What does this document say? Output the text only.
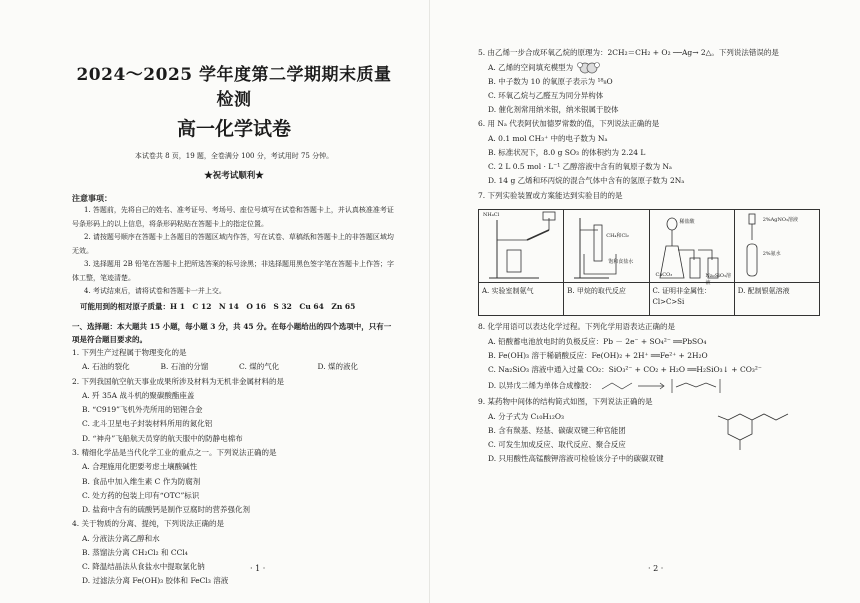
2024～2025 学年度第二学期期末质量检测
高一化学试卷
本试卷共 8 页，19 题，全卷满分 100 分，考试用时 75 分钟。
★祝考试顺利★
注意事项：
1. 答题前，先将自己的姓名、准考证号、考场号、座位号填写在试卷和答题卡上，并认真核准准考证号条形码上的以上信息，将条形码粘贴在答题卡上的指定位置。
2. 请按题号顺序在答题卡上各题目的答题区域内作答，写在试卷、草稿纸和答题卡上的非答题区域均无效。
3. 选择题用 2B 铅笔在答题卡上把所选答案的标号涂黑；非选择题用黑色签字笔在答题卡上作答；字体工整，笔迹清楚。
4. 考试结束后，请将试卷和答题卡一并上交。
可能用到的相对原子质量：H 1　C 12　N 14　O 16　S 32　Cu 64　Zn 65
一、选择题：本大题共 15 小题，每小题 3 分，共 45 分。在每小题给出的四个选项中，只有一项是符合题目要求的。
1. 下列生产过程属于物理变化的是
A. 石油的裂化	B. 石油的分馏	C. 煤的气化	D. 煤的液化
2. 下列我国航空航天事业成果所涉及材料为无机非金属材料的是
A. 歼 35A 战斗机的聚碳酸酯座盖
B. “C919”飞机外壳所用的铝锂合金
C. 北斗卫星电子封装材料所用的氮化铝
D. “神舟”飞船航天员穿的航天服中的防静电棉布
3. 精细化学品是当代化学工业的重点之一。下列说法正确的是
A. 合理施用化肥要考虑土壤酸碱性
B. 食品中加入维生素 C 作为防腐剂
C. 处方药的包装上印有“OTC”标识
D. 盐商中含有的硫酸钙是制作豆腐时的营养强化剂
4. 关于物质的分离、提纯，下列说法正确的是
A. 分液法分离乙醇和水
B. 蒸馏法分离 CH₂Cl₂ 和 CCl₄
C. 降温结晶法从食盐水中提取氯化钠
D. 过滤法分离 Fe(OH)₃ 胶体和 FeCl₃ 溶液
· 1 ·
5. 由乙烯一步合成环氧乙烷的原理为：2CH₂＝CH₂ + O₂ ──Ag→ 2△。下列说法错误的是
A. 乙烯的空间填充模型为
B. 中子数为 10 的氧原子表示为 ¹⁸₈O
C. 环氧乙烷与乙醛互为同分异构体
D. 催化剂常用纳米银，纳米银属于胶体
6. 用 Nₐ 代表阿伏加德罗常数的值，下列说法正确的是
A. 0.1 mol CH₃⁺ 中的电子数为 Nₐ
B. 标准状况下，8.0 g SO₃ 的体积约为 2.24 L
C. 2 L 0.5 mol · L⁻¹ 乙醇溶液中含有的氧原子数为 Nₐ
D. 14 g 乙烯和环丙烷的混合气体中含有的氢原子数为 2Nₐ
7. 下列实验装置或方案能达到实验目的的是
NH₄Cl
A. 实验室制氨气
CH₄和Cl₂
饱和食盐水
B. 甲烷的取代反应
稀盐酸
CaCO₃	Na₂SiO₃溶液
C. 证明非金属性：Cl>C>Si
2%AgNO₃溶液
2%氨水
D. 配制银氨溶液
8. 化学用语可以表达化学过程。下列化学用语表达正确的是
A. 铅酸蓄电池放电时的负极反应：Pb － 2e⁻ + SO₄²⁻ ══PbSO₄
B. Fe(OH)₃ 溶于稀硝酸反应：Fe(OH)₂ + 2H⁺ ══Fe²⁺ + 2H₂O
C. Na₂SiO₃ 溶液中通入过量 CO₂：SiO₃²⁻ + CO₂ + H₂O ══H₂SiO₃↓ + CO₃²⁻
D. 以异戊二烯为单体合成橡胶：
9. 某药物中间体的结构简式如图，下列说法正确的是
A. 分子式为 C₁₀H₁₂O₃
B. 含有羰基、羟基、碳碳双键三种官能团
C. 可发生加成反应、取代反应、聚合反应
D. 只用酸性高锰酸钾溶液可检验该分子中的碳碳双键
· 2 ·
